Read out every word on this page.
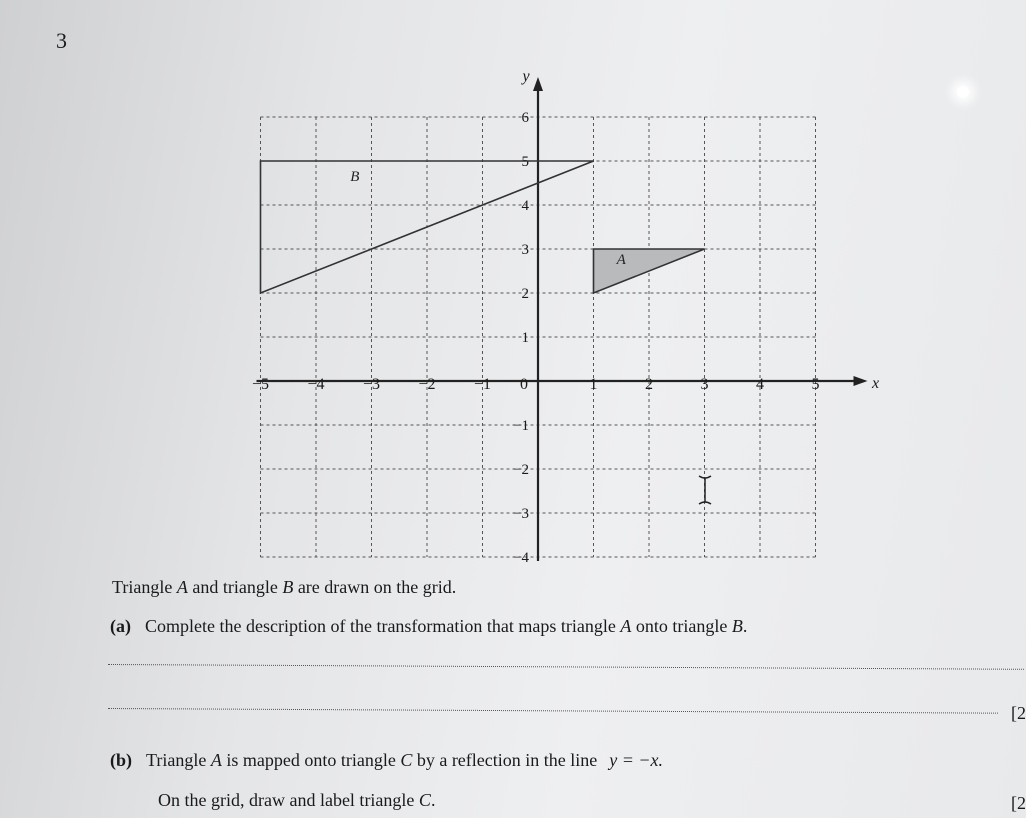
3
x
y
−5 −4 −3 −2 −1	1	2	3	4	5
0
6
5
4
3
2
1
−1
−2
−3
−4
A
B
Triangle A and triangle B are drawn on the grid.
(a) Complete the description of the transformation that maps triangle A onto triangle B.
[2
(b) Triangle A is mapped onto triangle C by a reflection in the line y = −x.
On the grid, draw and label triangle C.	[2
